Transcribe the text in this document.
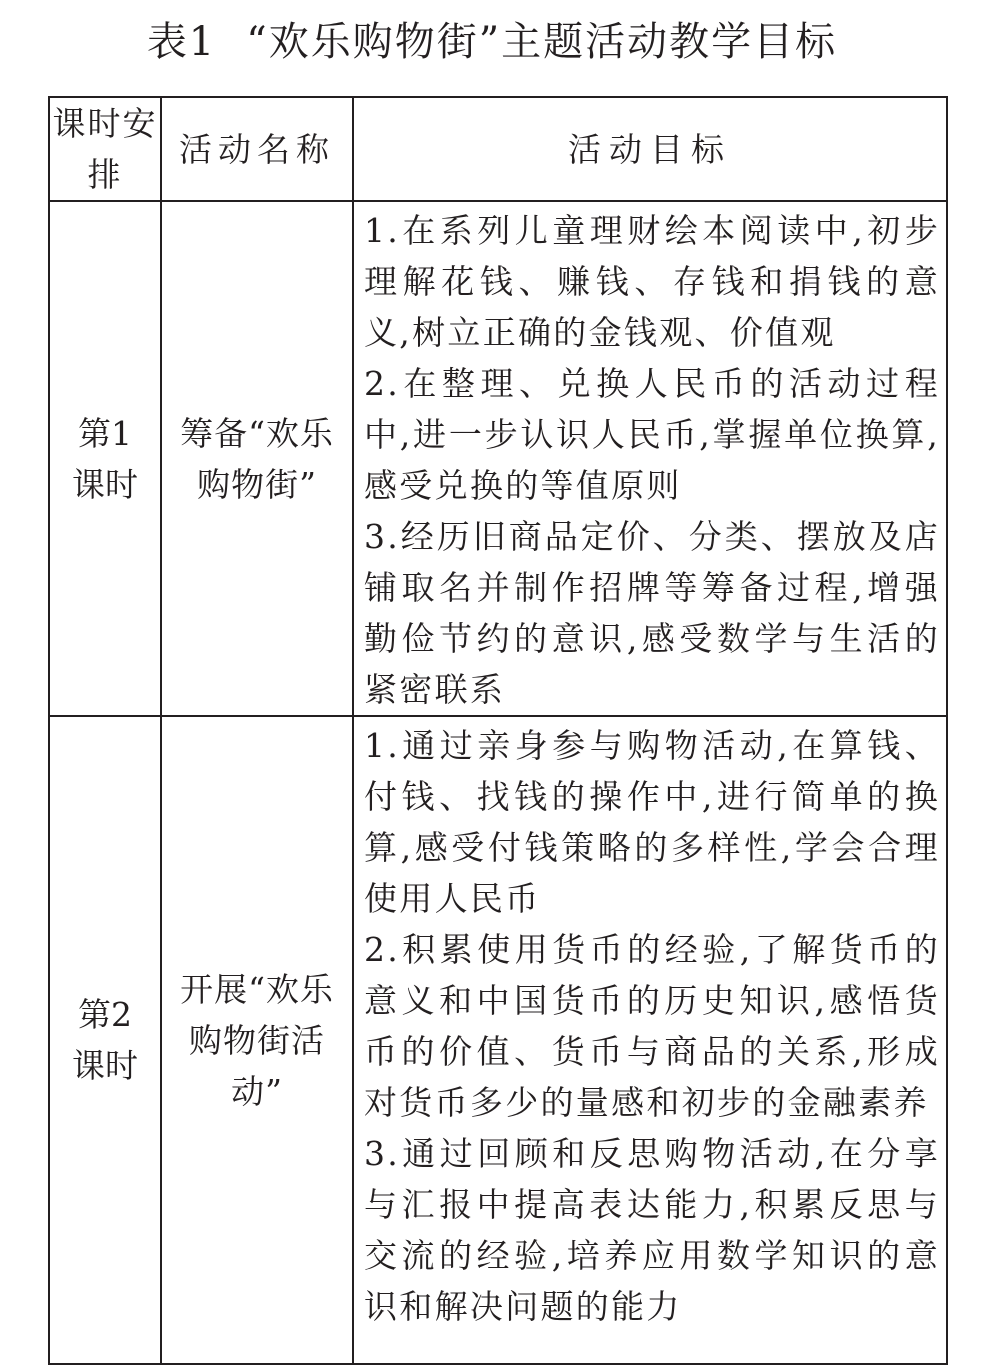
表1 “欢乐购物街”主题活动教学目标
课时安排	活动名称	活动目标
第1课时	筹备“欢乐购物街”	1.在系列儿童理财绘本阅读中,初步理解花钱、赚钱、存钱和捐钱的意义,树立正确的金钱观、价值观
2.在整理、兑换人民币的活动过程中,进一步认识人民币,掌握单位换算,感受兑换的等值原则
3.经历旧商品定价、分类、摆放及店铺取名并制作招牌等筹备过程,增强勤俭节约的意识,感受数学与生活的紧密联系

第2课时	开展“欢乐购物街活动”	1.通过亲身参与购物活动,在算钱、付钱、找钱的操作中,进行简单的换算,感受付钱策略的多样性,学会合理使用人民币
2.积累使用货币的经验,了解货币的意义和中国货币的历史知识,感悟货币的价值、货币与商品的关系,形成对货币多少的量感和初步的金融素养
3.通过回顾和反思购物活动,在分享与汇报中提高表达能力,积累反思与交流的经验,培养应用数学知识的意识和解决问题的能力
